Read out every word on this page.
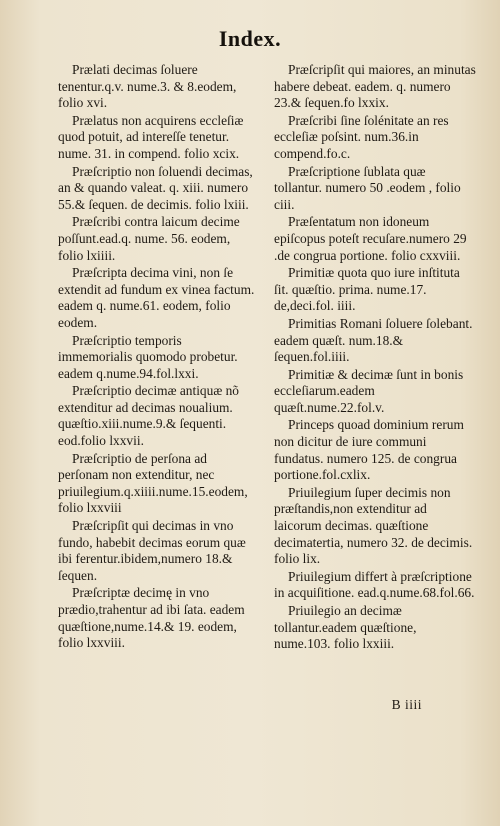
Index.

Prælati decimas ſoluere tenentur.q.v. nume.3. & 8.eodem, folio xvi.

Prælatus non acquirens eccleſiæ quod potuit, ad intereſſe tenetur. nume. 31. in compend. folio xcix.

Præſcriptio non ſoluendi decimas, an & quando valeat. q. xiii. numero 55.& ſequen. de decimis. folio lxiii.

Præſcribi contra laicum decime poſſunt.ead.q. nume. 56. eodem, folio lxiiii.

Præſcripta decima vini, non ſe extendit ad fundum ex vinea factum. eadem q. nume.61. eodem, folio eodem.

Præſcriptio temporis immemorialis quomodo probetur. eadem q.nume.94.fol.lxxi.

Præſcriptio decimæ antiquæ nõ extenditur ad decimas noualium. quæſtio.xiii.nume.9.& ſequenti. eod.folio lxxvii.

Præſcriptio de perſona ad perſonam non extenditur, nec priuilegium.q.xiiii.nume.15.eodem, folio lxxviii

Præſcripſit qui decimas in vno fundo, habebit decimas eorum quæ ibi ferentur.ibidem,numero 18.& ſequen.

Præſcriptæ decimę in vno prædio,trahentur ad ibi ſata. eadem quæſtione,nume.14.& 19. eodem, folio lxxviii.

Præſcripſit qui maiores, an minutas habere debeat. eadem. q. numero 23.& ſequen.fo lxxix.

Præſcribi ſine ſolénitate an res eccleſiæ poſsint. num.36.in compend.fo.c.

Præſcriptione ſublata quæ tollantur. numero 50 .eodem , folio ciii.

Præſentatum non idoneum epiſcopus poteſt recuſare.numero 29 .de congrua portione. folio cxxviii.

Primitiæ quota quo iure inſtituta ſit. quæſtio. prima. nume.17. de,deci.fol. iiii.

Primitias Romani ſoluere ſolebant. eadem quæſt. num.18.& ſequen.fol.iiii.

Primitiæ & decimæ ſunt in bonis eccleſiarum.eadem quæſt.nume.22.fol.v.

Princeps quoad dominium rerum non dicitur de iure communi fundatus. numero 125. de congrua portione.fol.cxlix.

Priuilegium ſuper decimis non præſtandis,non extenditur ad laicorum decimas. quæſtione decimatertia, numero 32. de decimis. folio lix.

Priuilegium differt à præſcriptione in acquiſitione. ead.q.nume.68.fol.66.

Priuilegio an decimæ tollantur.eadem quæſtione, nume.103. folio lxxiii.

B iiii
